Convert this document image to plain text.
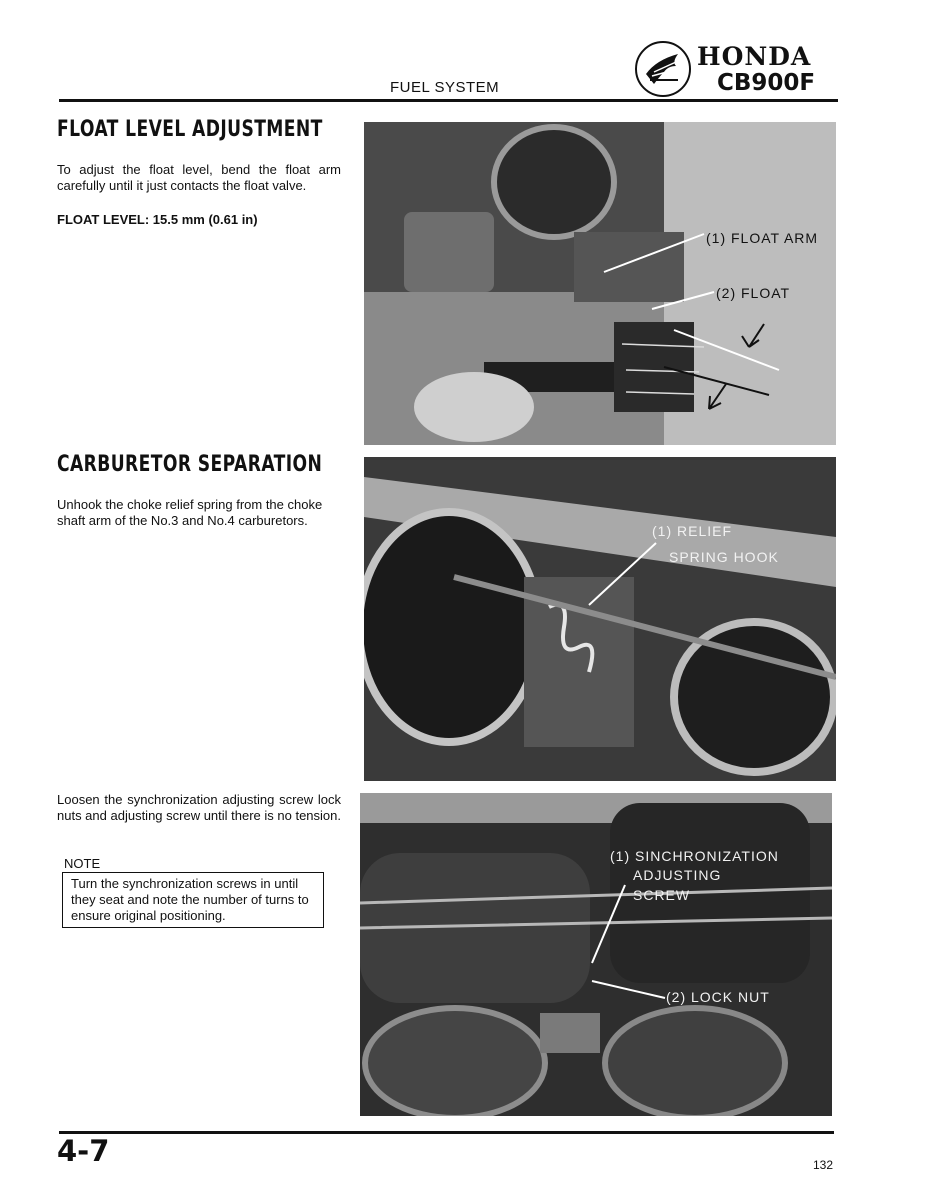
FUEL SYSTEM
HONDA
CB900F
FLOAT LEVEL ADJUSTMENT
To adjust the float level, bend the float arm carefully until it just contacts the float valve.
FLOAT LEVEL: 15.5 mm (0.61 in)
(1) FLOAT ARM
(2) FLOAT
CARBURETOR SEPARATION
Unhook the choke relief spring from the choke shaft arm of the No.3 and No.4 carburetors.
(1) RELIEF
SPRING HOOK
Loosen the synchronization adjusting screw lock nuts and adjusting screw until there is no tension.
NOTE
Turn the synchronization screws in until they seat and note the number of turns to ensure original positioning.
(1) SINCHRONIZATION
ADJUSTING
SCREW
(2) LOCK NUT
4-7	132
